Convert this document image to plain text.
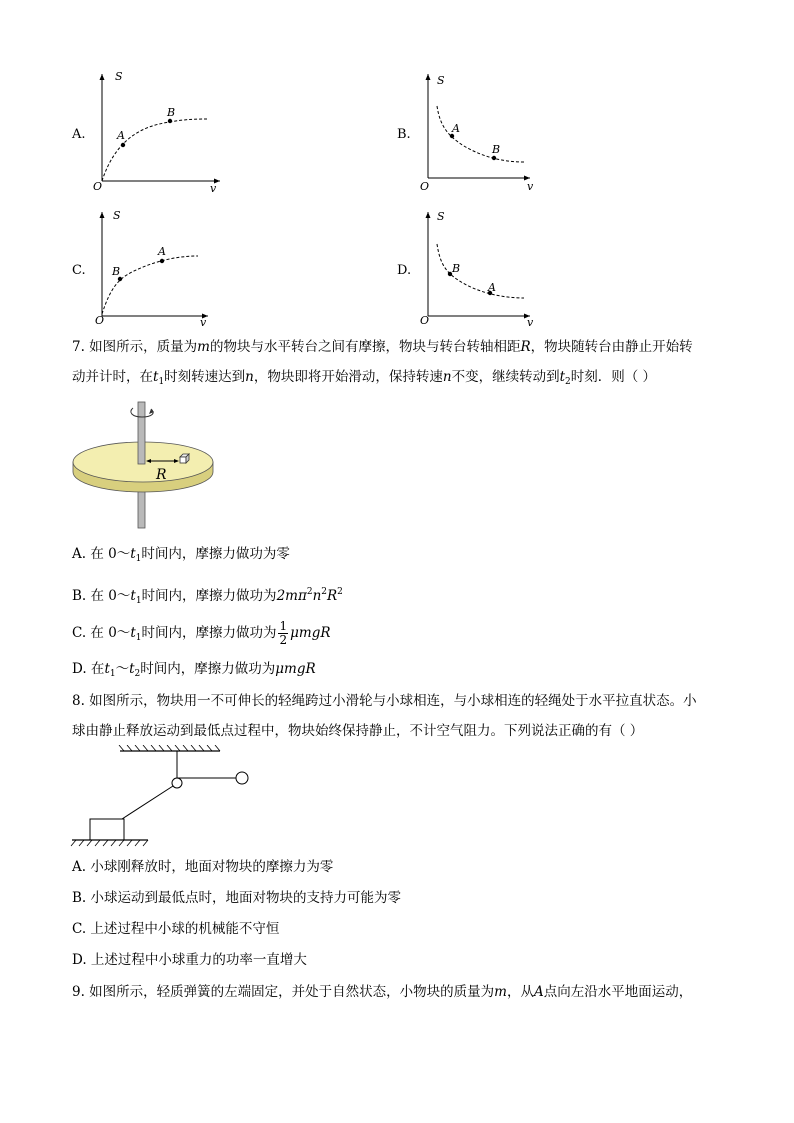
A.
O	v
S
A
B
B.
O	v
S
A
B
C.
O	v
S
B
A
D.
O	v
S
B
A
7. 如图所示，质量为m的物块与水平转台之间有摩擦，物块与转台转轴相距R，物块随转台由静止开始转
动并计时，在$t_1$时刻转速达到n，物块即将开始滑动，保持转速n不变，继续转动到$t_2$时刻．则（ ）
R
A. 在 $0\sim t_1$时间内，摩擦力做功为零
B. 在 $0\sim t_1$时间内，摩擦力做功为$2m\pi^2n^2R^2$
C. 在 $0\sim t_1$时间内，摩擦力做功为 $\frac{1}{2}$ μmgR
D. 在$t_1\sim t_2$时间内，摩擦力做功为μmgR
8. 如图所示，物块用一不可伸长的轻绳跨过小滑轮与小球相连，与小球相连的轻绳处于水平拉直状态。小
球由静止释放运动到最低点过程中，物块始终保持静止，不计空气阻力。下列说法正确的有（ ）
A. 小球刚释放时，地面对物块的摩擦力为零
B. 小球运动到最低点时，地面对物块的支持力可能为零
C. 上述过程中小球的机械能不守恒
D. 上述过程中小球重力的功率一直增大
9. 如图所示，轻质弹簧的左端固定，并处于自然状态，小物块的质量为m，从A点向左沿水平地面运动，
